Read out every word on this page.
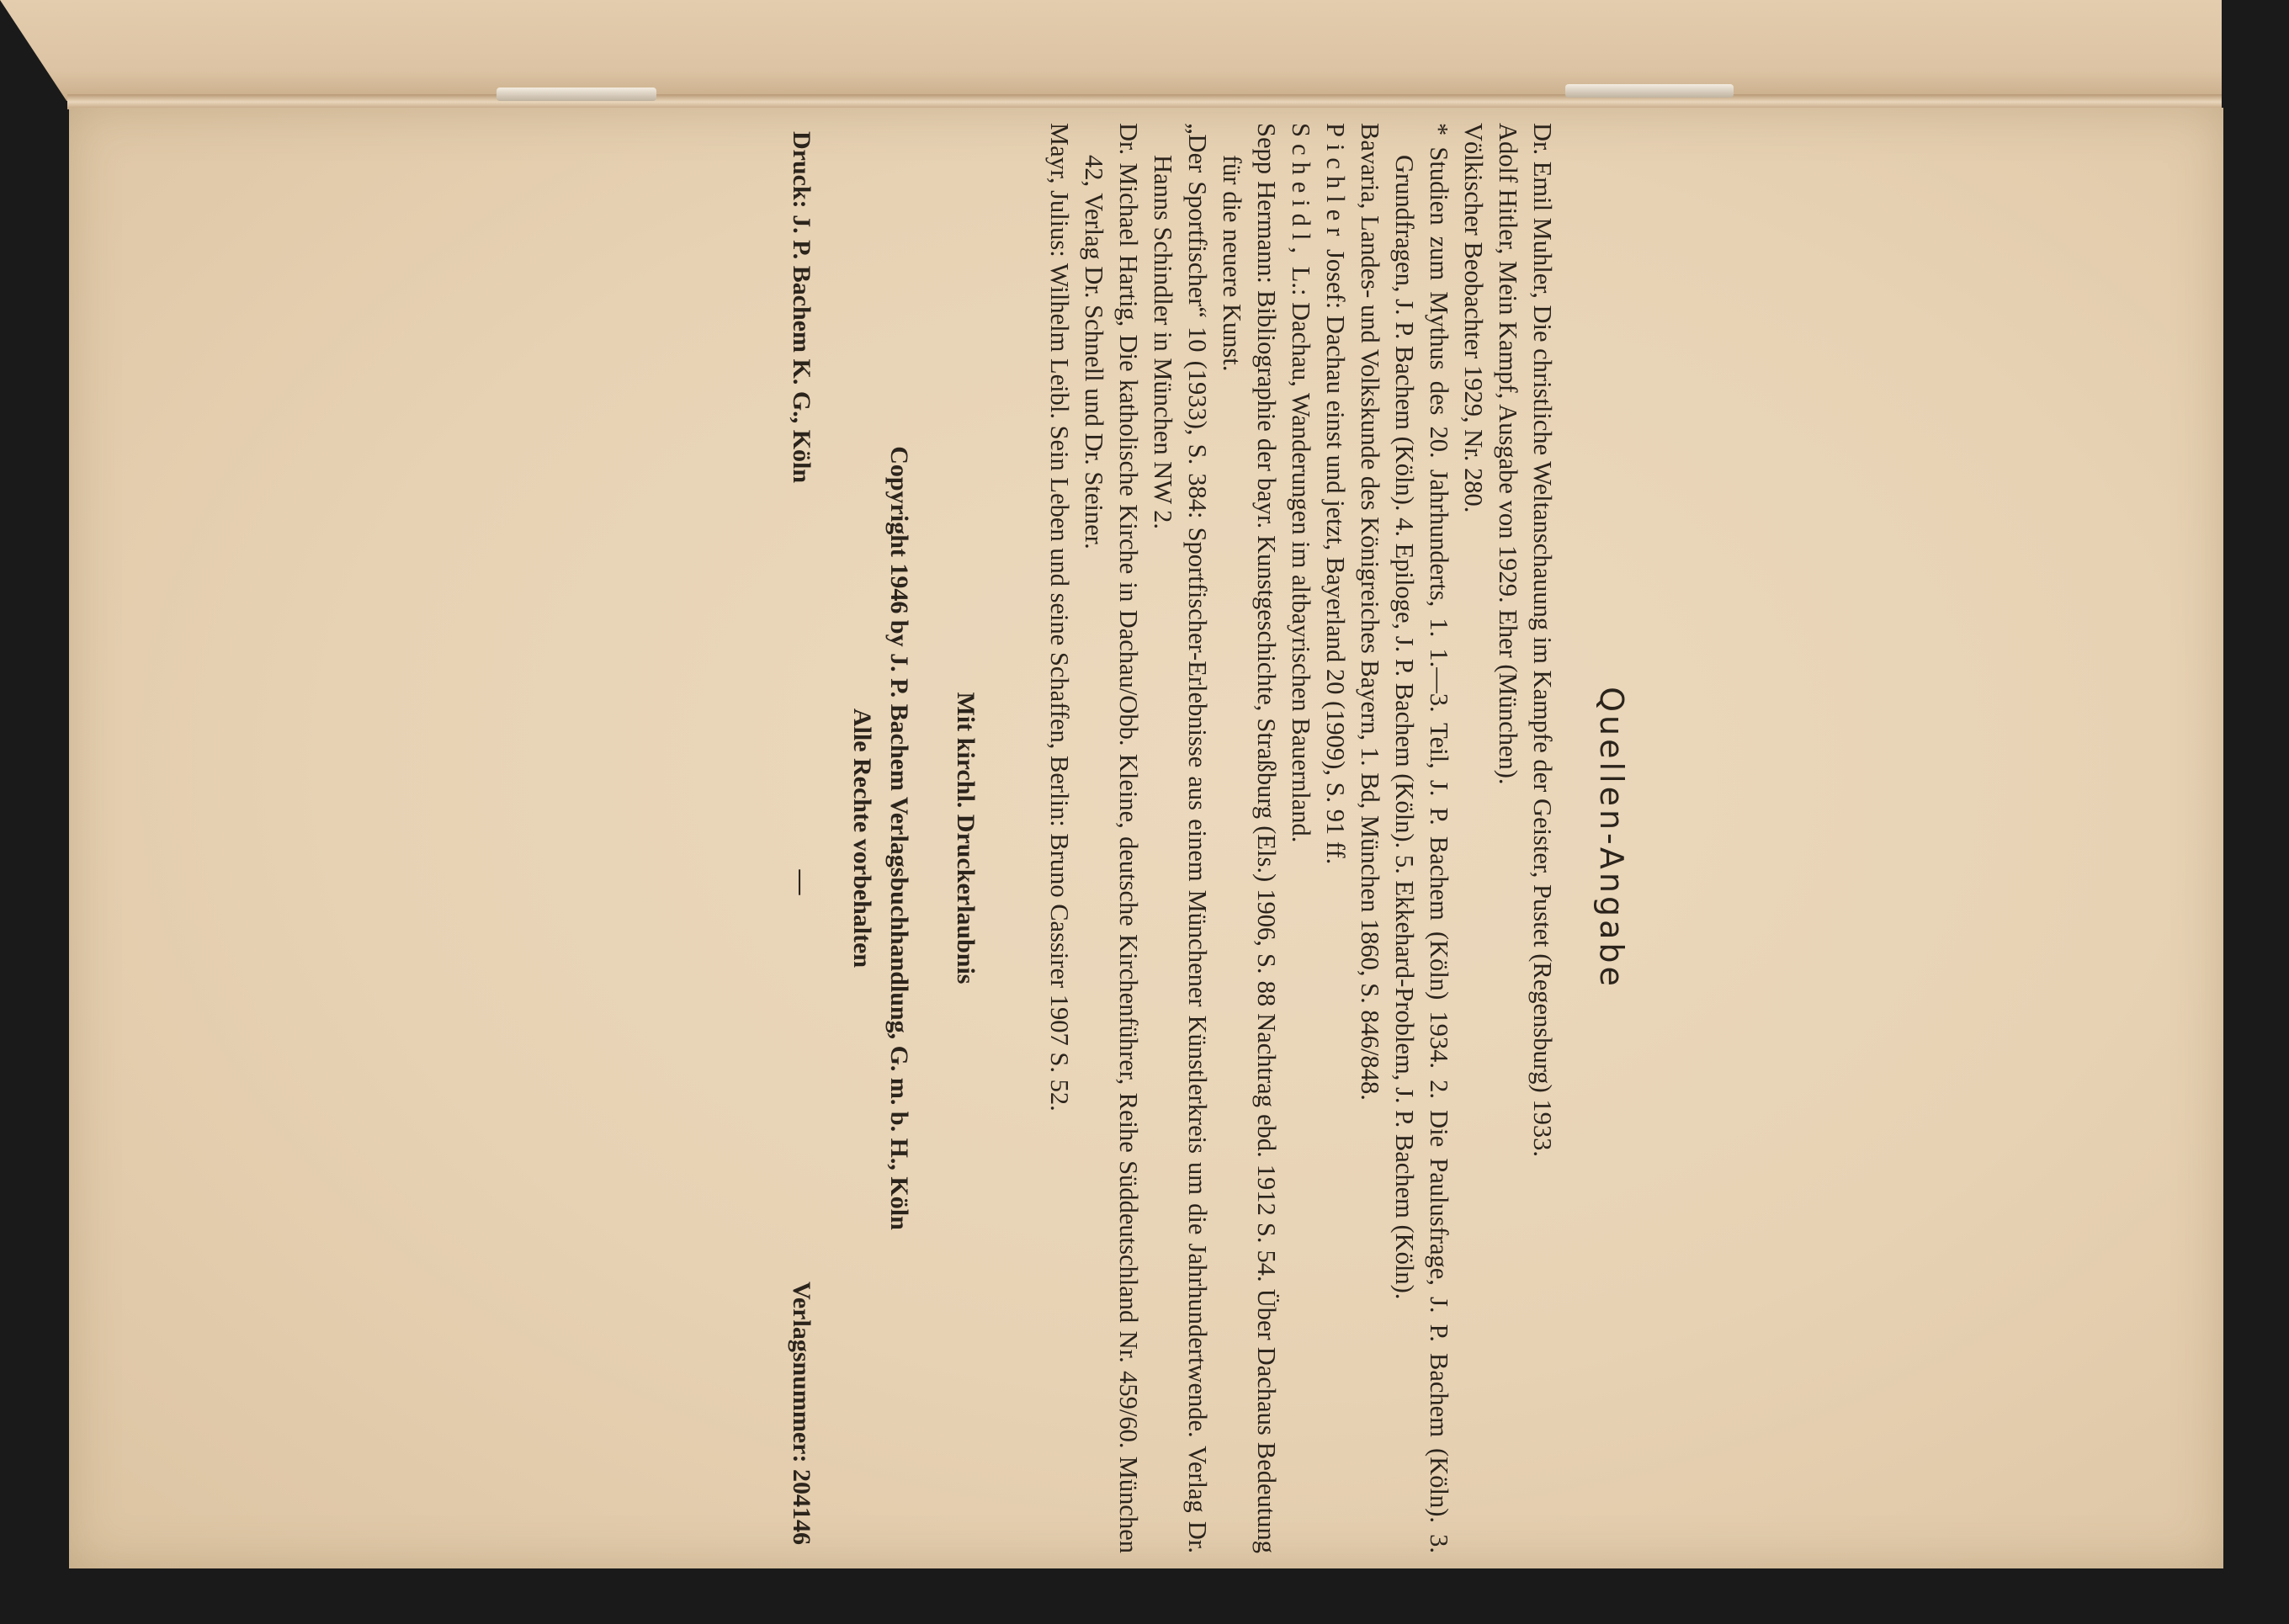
Quellen-Angabe

Dr. Emil Muhler, Die christliche Weltanschauung im Kampfe der Geister, Pustet (Regensburg) 1933.

Adolf Hitler, Mein Kampf, Ausgabe von 1929. Eher (München).

Völkischer Beobachter 1929, Nr. 280.

* Studien zum Mythus des 20. Jahrhunderts, 1. 1.—3. Teil, J. P. Bachem (Köln) 1934. 2. Die Paulusfrage, J. P. Bachem (Köln). 3. Grundfragen, J. P. Bachem (Köln). 4. Epiloge, J. P. Bachem (Köln). 5. Ekkehard-Problem, J. P. Bachem (Köln).

Bavaria, Landes- und Volkskunde des Königreiches Bayern, 1. Bd, München 1860, S. 846/848.

Pichler Josef: Dachau einst und jetzt, Bayerland 20 (1909), S. 91 ff.

Scheidl, L.: Dachau, Wanderungen im altbayrischen Bauernland.

Sepp Hermann: Bibliographie der bayr. Kunstgeschichte, Straßburg (Els.) 1906, S. 88 Nachtrag ebd. 1912 S. 54. Über Dachaus Bedeutung für die neuere Kunst.

„Der Sportfischer“ 10 (1933), S. 384: Sportfischer-Erlebnisse aus einem Münchener Künstlerkreis um die Jahrhundertwende. Verlag Dr. Hanns Schindler in München NW 2.

Dr. Michael Hartig, Die katholische Kirche in Dachau/Obb. Kleine, deutsche Kirchenführer, Reihe Süddeutschland Nr. 459/60. München 42, Verlag Dr. Schnell und Dr. Steiner.

Mayr, Julius: Wilhelm Leibl. Sein Leben und seine Schaffen, Berlin: Bruno Cassirer 1907 S. 52.

Mit kirchl. Druckerlaubnis

Copyright 1946 by J. P. Bachem Verlagsbuchhandlung, G. m. b. H., Köln

Alle Rechte vorbehalten

Druck: J. P. Bachem K. G., Köln
—
Verlagsnummer: 204146
